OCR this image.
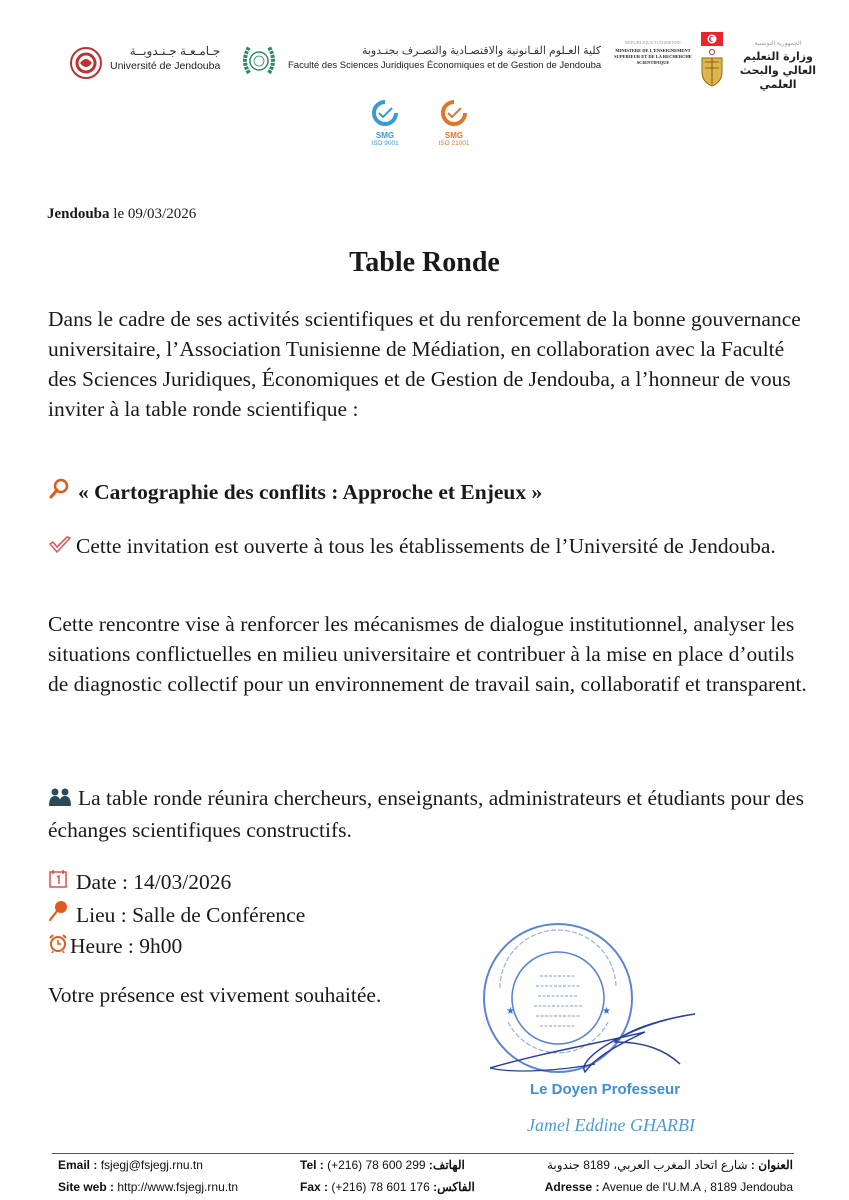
جـامـعـة جـنـدوبــة
Université de Jendouba
كلية العـلوم القـانونية والاقتصـادية والتصـرف بجنـدوبة
Faculté des Sciences Juridiques Économiques et de Gestion de Jendouba
REPUBLIQUE TUNISIENNE
MINISTERE DE L'ENSEIGNEMENT SUPERIEUR ET DE LA RECHERCHE SCIENTIFIQUE
الجمهورية التونسية
وزارة التعليم العالي والبحث العلمي
SMG
ISO 9001
SMG
ISO 21001
Jendouba le 09/03/2026
Table Ronde
Dans le cadre de ses activités scientifiques et du renforcement de la bonne gouvernance universitaire, l’Association Tunisienne de Médiation, en collaboration avec la Faculté des Sciences Juridiques, Économiques et de Gestion de Jendouba, a l’honneur de vous inviter à la table ronde scientifique :
« Cartographie des conflits : Approche et Enjeux »
Cette invitation est ouverte à tous les établissements de l’Université de Jendouba.
Cette rencontre vise à renforcer les mécanismes de dialogue institutionnel, analyser les situations conflictuelles en milieu universitaire et contribuer à la mise en place d’outils de diagnostic collectif pour un environnement de travail sain, collaboratif et transparent.
La table ronde réunira chercheurs, enseignants, administrateurs et étudiants pour des échanges scientifiques constructifs.
Date : 14/03/2026
Lieu : Salle de Conférence
Heure : 9h00
Votre présence est vivement souhaitée.
★	★
Le Doyen Professeur
Jamel Eddine GHARBI
Email : fsjegj@fsjegj.rnu.tn
Site web : http://www.fsjegj.rnu.tn
Tel : (+216) 78 600 299 :الهاتف
Fax : (+216) 78 601 176 :الفاكس
العنوان : شارع اتحاد المغرب العربي، 8189 جندوبة
Adresse : Avenue de l'U.M.A , 8189 Jendouba
